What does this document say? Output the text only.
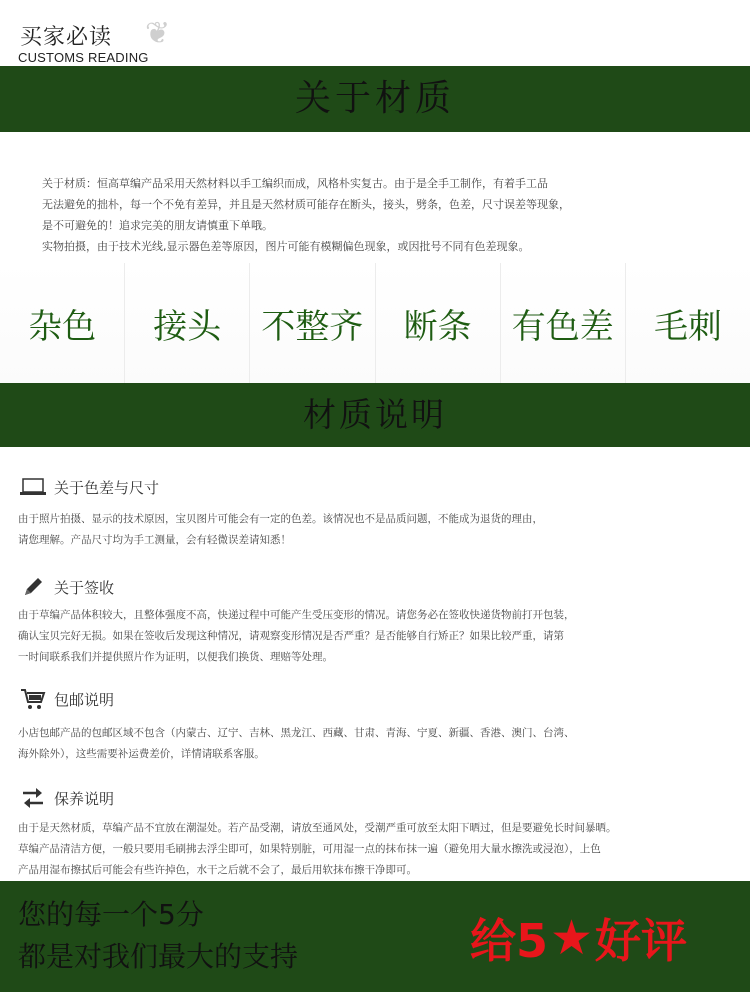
买家必读 ❦
CUSTOMS READING
关于材质

关于材质：恒高草编产品采用天然材料以手工编织而成，风格朴实复古。由于是全手工制作，有着手工品

无法避免的拙朴，每一个不免有差异，并且是天然材质可能存在断头，接头，劈条，色差，尺寸误差等现象，

是不可避免的！追求完美的朋友请慎重下单哦。

实物拍摄，由于技术光线,显示器色差等原因，图片可能有模糊偏色现象，或因批号不同有色差现象。

杂色	接头	不整齐	断条	有色差	毛刺
材质说明
关于色差与尺寸

由于照片拍摄、显示的技术原因，宝贝图片可能会有一定的色差。该情况也不是品质问题，不能成为退货的理由，

请您理解。产品尺寸均为手工测量，会有轻微误差请知悉！

关于签收

由于草编产品体积较大，且整体强度不高，快递过程中可能产生受压变形的情况。请您务必在签收快递货物前打开包装，

确认宝贝完好无损。如果在签收后发现这种情况，请观察变形情况是否严重？是否能够自行矫正？如果比较严重，请第

一时间联系我们并提供照片作为证明，以便我们换货、理赔等处理。

包邮说明

小店包邮产品的包邮区域不包含（内蒙古、辽宁、吉林、黑龙江、西藏、甘肃、青海、宁夏、新疆、香港、澳门、台湾、

海外除外），这些需要补运费差价，详情请联系客服。

保养说明

由于是天然材质，草编产品不宜放在潮湿处。若产品受潮，请放至通风处，受潮严重可放至太阳下晒过，但是要避免长时间暴晒。

草编产品清洁方便，一般只要用毛刷拂去浮尘即可，如果特别脏，可用湿一点的抹布抹一遍（避免用大量水擦洗或浸泡），上色

产品用湿布擦拭后可能会有些许掉色，水干之后就不会了，最后用软抹布擦干净即可。

您的每一个5分
都是对我们最大的支持	给5 ★ 好评
